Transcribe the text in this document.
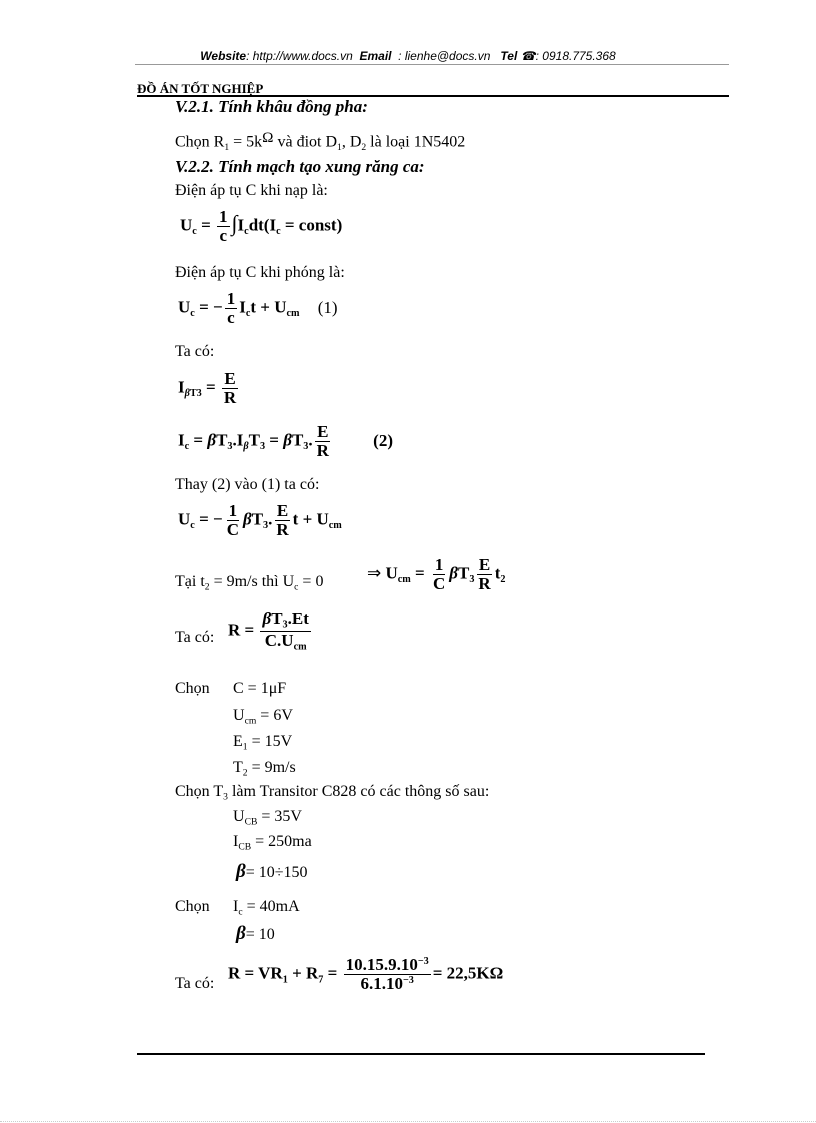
Website: http://www.docs.vn Email : lienhe@docs.vn Tel ☎: 0918.775.368
ĐỒ ÁN TỐT NGHIỆP
V.2.1. Tính khâu đồng pha:
Chọn $R_1 = 5k^\Omega$ và điot $D_1$, $D_2$ là loại 1N5402
V.2.2. Tính mạch tạo xung răng ca:
Điện áp tụ C khi nạp là:
$U_c = \frac{1}{c} \int I_cdt(I_c$ = const)
Điện áp tụ C khi phóng là:
$U_c$ = − $\frac{1}{c} I_ct + U_{cm}$ (1)
Ta có:
$I_{\beta T3} = \frac{E}{R}$
$I_c = \beta T_3.I_\beta T_3 = \beta T_3$. $\frac{E}{R} (2)$
Thay (2) vào (1) ta có:
$U_c$ = − $\frac{1}{C} \beta T_3$. $\frac{E}{R}$ $t + U_{cm}$
Tại $t_2 = 9m/s$ thì $U_c = 0$	⇒ $U_{cm} = \frac{1}{C} \beta T_3 \frac{E}{R} t_2$
Ta có: $R = \frac{\beta T_3.Et}{C.U_{cm}}$
Chọn C = 1μF
$U_{cm} = 6V$
$E_1 = 15V$
$T_2 = 9m/s$
Chọn $T_3$ làm Transitor C828 có các thông số sau:
$U_{CB} = 35V$
$I_{CB} = 250ma$
β= 10÷150
Chọn $I_c = 40mA$
β= 10
Ta có:
$R = VR_1 + R_7 = \frac{10.15.9.10^{-3}}{6.1.10^{-3}} = 22,5K\Omega$
